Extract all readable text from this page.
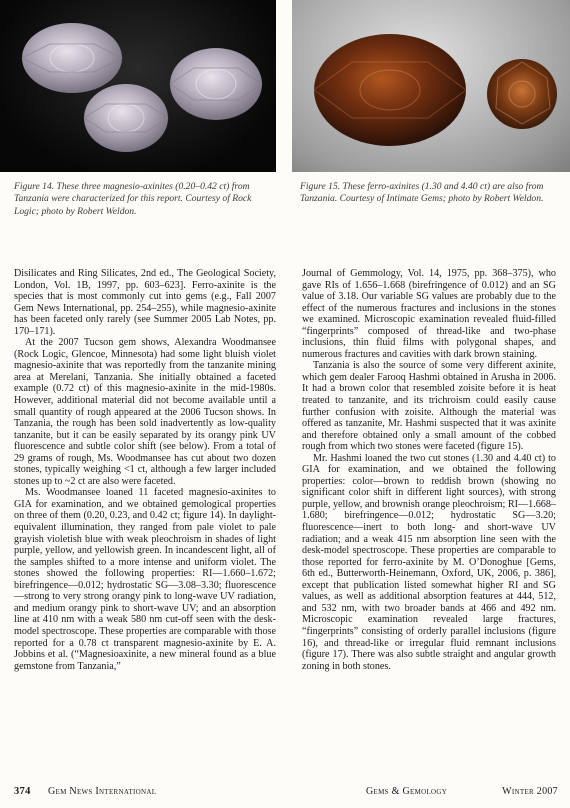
Figure 14. These three magnesio-axinites (0.20–0.42 ct) from Tanzania were characterized for this report. Courtesy of Rock Logic; photo by Robert Weldon.
Figure 15. These ferro-axinites (1.30 and 4.40 ct) are also from Tanzania. Courtesy of Intimate Gems; photo by Robert Weldon.

Disilicates and Ring Silicates, 2nd ed., The Geological Society, London, Vol. 1B, 1997, pp. 603–623]. Ferro-axinite is the species that is most commonly cut into gems (e.g., Fall 2007 Gem News International, pp. 254–255), while magnesio-axinite has been faceted only rarely (see Summer 2005 Lab Notes, pp. 170–171).

At the 2007 Tucson gem shows, Alexandra Woodmansee (Rock Logic, Glencoe, Minnesota) had some light bluish violet magnesio-axinite that was reportedly from the tanzanite mining area at Merelani, Tanzania. She initially obtained a faceted example (0.72 ct) of this magnesio-axinite in the mid-1980s. However, additional material did not become available until a small quantity of rough appeared at the 2006 Tucson shows. In Tanzania, the rough has been sold inadvertently as low-quality tanzanite, but it can be easily separated by its orangy pink UV fluorescence and subtle color shift (see below). From a total of 29 grams of rough, Ms. Woodmansee has cut about two dozen stones, typically weighing <1 ct, although a few larger included stones up to ~2 ct are also were faceted.

Ms. Woodmansee loaned 11 faceted magnesio-axinites to GIA for examination, and we obtained gemological properties on three of them (0.20, 0.23, and 0.42 ct; figure 14). In daylight-equivalent illumination, they ranged from pale violet to pale grayish violetish blue with weak pleochroism in shades of light purple, yellow, and yellowish green. In incandescent light, all of the samples shifted to a more intense and uniform violet. The stones showed the following properties: RI—1.660–1.672; birefringence—0.012; hydrostatic SG—3.08–3.30; fluorescence—strong to very strong orangy pink to long-wave UV radiation, and medium orangy pink to short-wave UV; and an absorption line at 410 nm with a weak 580 nm cut-off seen with the desk-model spectroscope. These properties are comparable with those reported for a 0.78 ct transparent magnesio-axinite by E. A. Jobbins et al. (“Magnesioaxinite, a new mineral found as a blue gemstone from Tanzania,”

Journal of Gemmology, Vol. 14, 1975, pp. 368–375), who gave RIs of 1.656–1.668 (birefringence of 0.012) and an SG value of 3.18. Our variable SG values are probably due to the effect of the numerous fractures and inclusions in the stones we examined. Microscopic examination revealed fluid-filled “fingerprints” composed of thread-like and two-phase inclusions, thin fluid films with polygonal shapes, and numerous fractures and cavities with dark brown staining.

Tanzania is also the source of some very different axinite, which gem dealer Farooq Hashmi obtained in Arusha in 2006. It had a brown color that resembled zoisite before it is heat treated to tanzanite, and its trichroism could easily cause further confusion with zoisite. Although the material was offered as tanzanite, Mr. Hashmi suspected that it was axinite and therefore obtained only a small amount of the cobbed rough from which two stones were faceted (figure 15).

Mr. Hashmi loaned the two cut stones (1.30 and 4.40 ct) to GIA for examination, and we obtained the following properties: color—brown to reddish brown (showing no significant color shift in different light sources), with strong purple, yellow, and brownish orange pleochroism; RI—1.668–1.680; birefringence—0.012; hydrostatic SG—3.20; fluorescence—inert to both long- and short-wave UV radiation; and a weak 415 nm absorption line seen with the desk-model spectroscope. These properties are comparable to those reported for ferro-axinite by M. O’Donoghue [Gems, 6th ed., Butterworth-Heinemann, Oxford, UK, 2006, p. 386], except that publication listed somewhat higher RI and SG values, as well as additional absorption features at 444, 512, and 532 nm, with two broader bands at 466 and 492 nm. Microscopic examination revealed large fractures, “fingerprints” consisting of orderly parallel inclusions (figure 16), and thread-like or irregular fluid remnant inclusions (figure 17). There was also subtle straight and angular growth zoning in both stones.

374 Gem News International	Gems & Gemology	Winter 2007
